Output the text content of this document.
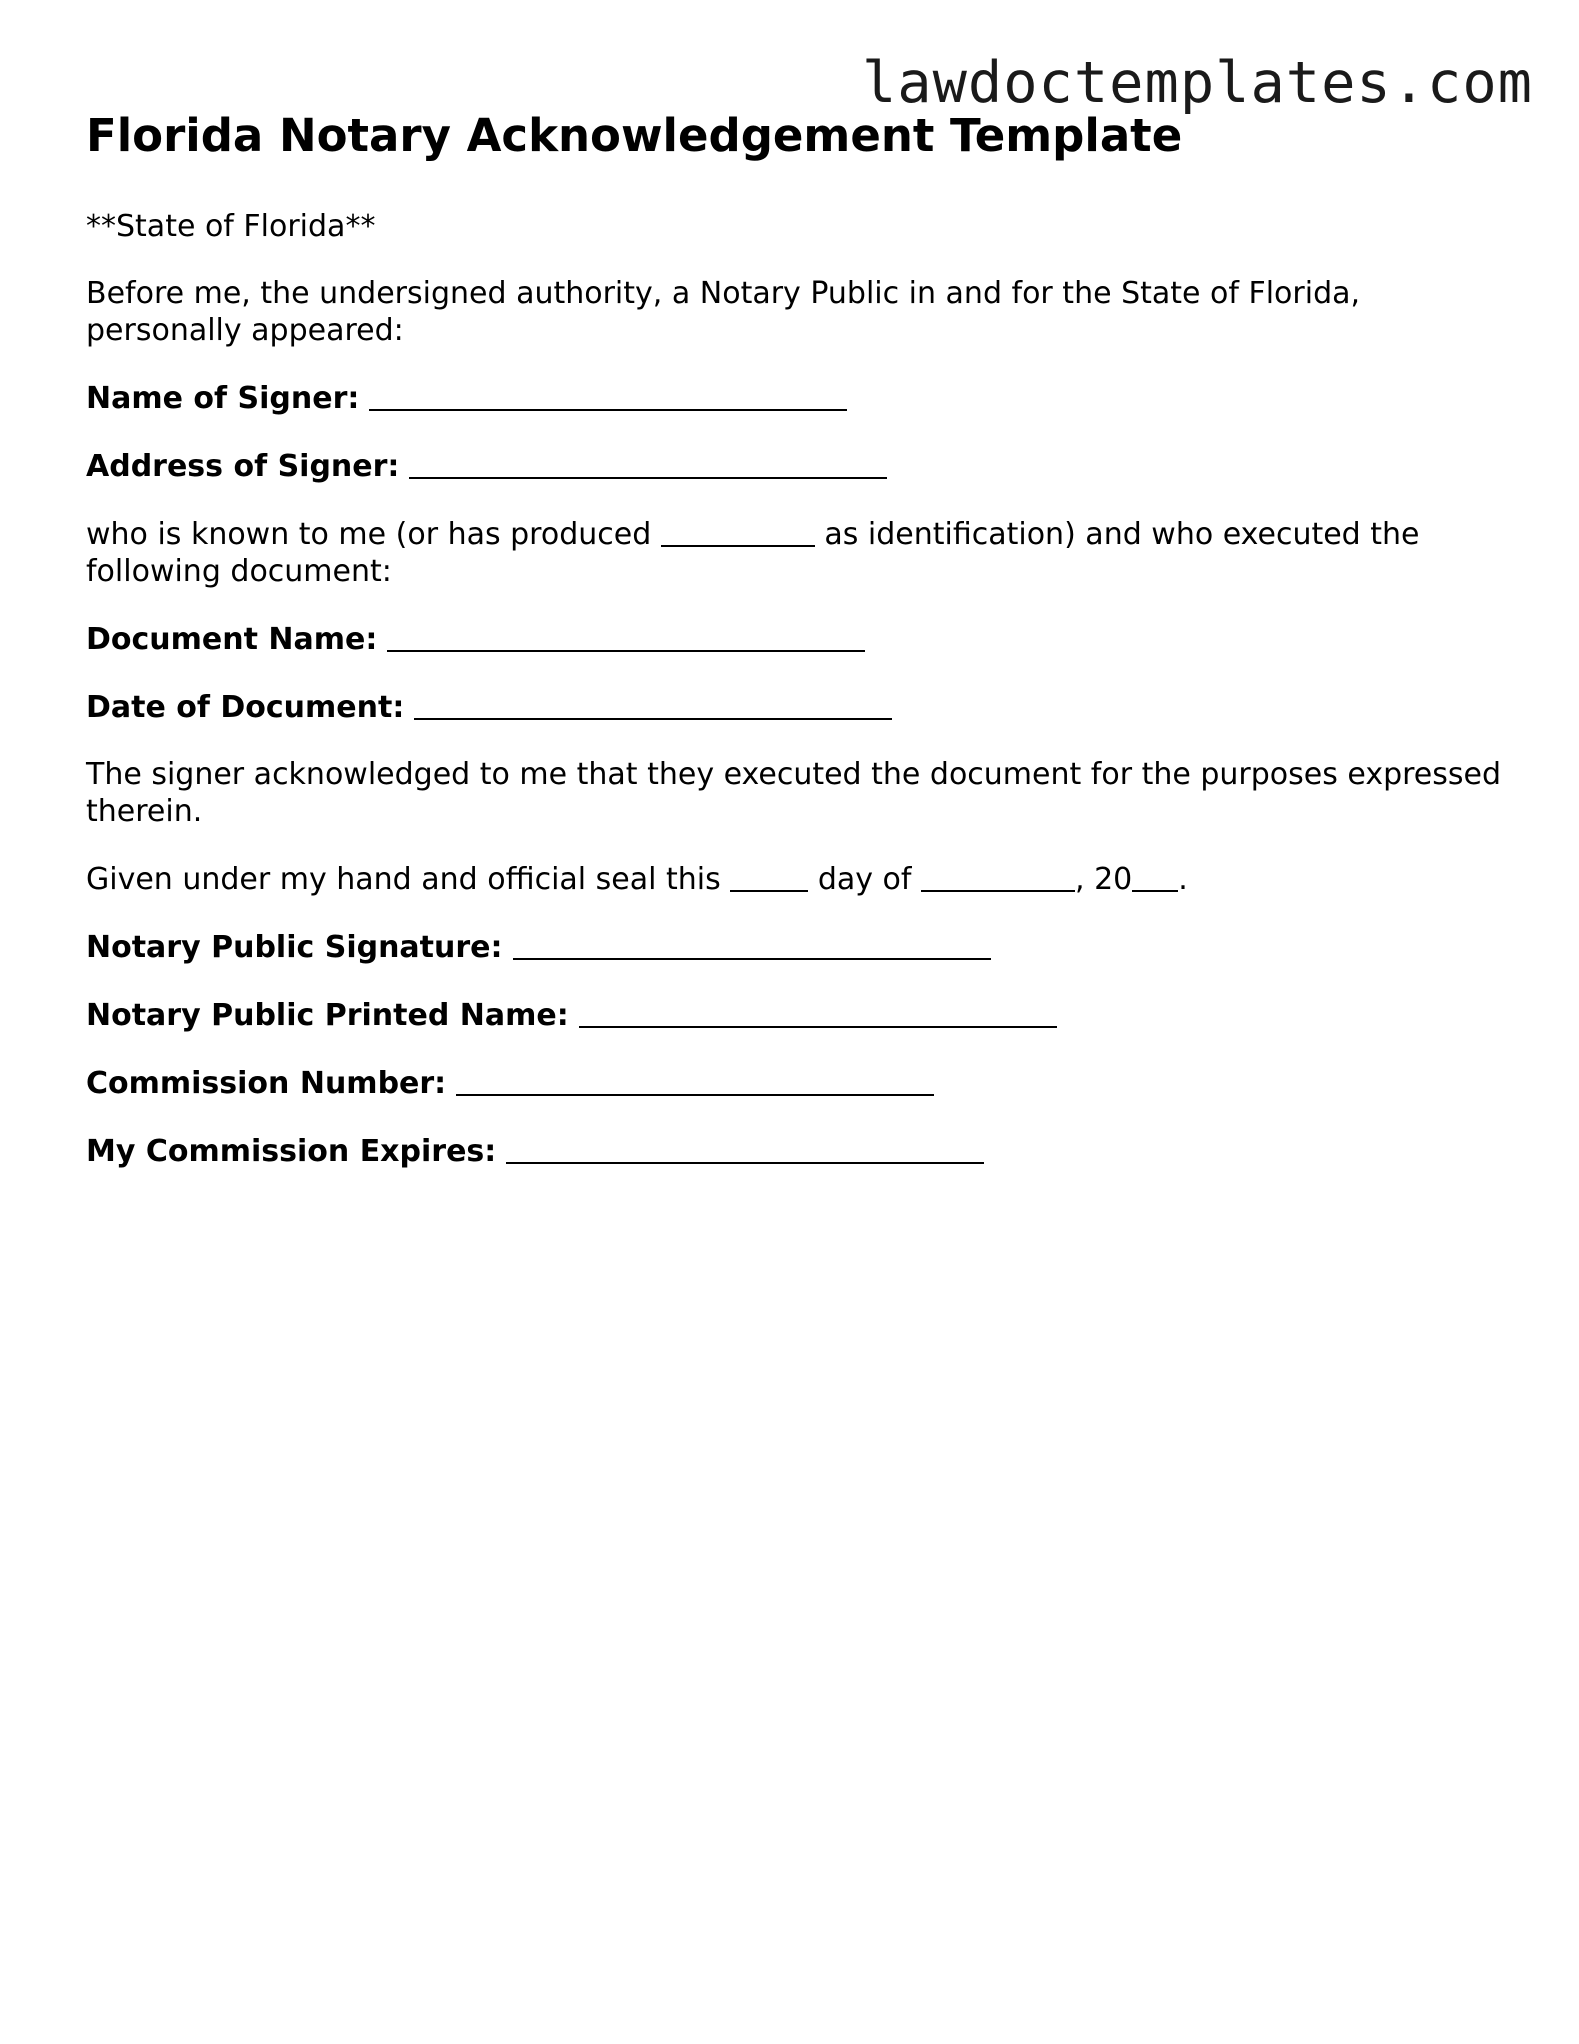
lawdoctemplates.com
Florida Notary Acknowledgement Template

**State of Florida**

Before me, the undersigned authority, a Notary Public in and for the State of Florida, personally appeared:

Name of Signer:
Address of Signer:

who is known to me (or has produced	as identification) and who executed the following document:

Document Name:
Date of Document:

The signer acknowledged to me that they executed the document for the purposes expressed therein.

Given under my hand and official seal this	day of	, 20 .

Notary Public Signature:
Notary Public Printed Name:
Commission Number:
My Commission Expires:
